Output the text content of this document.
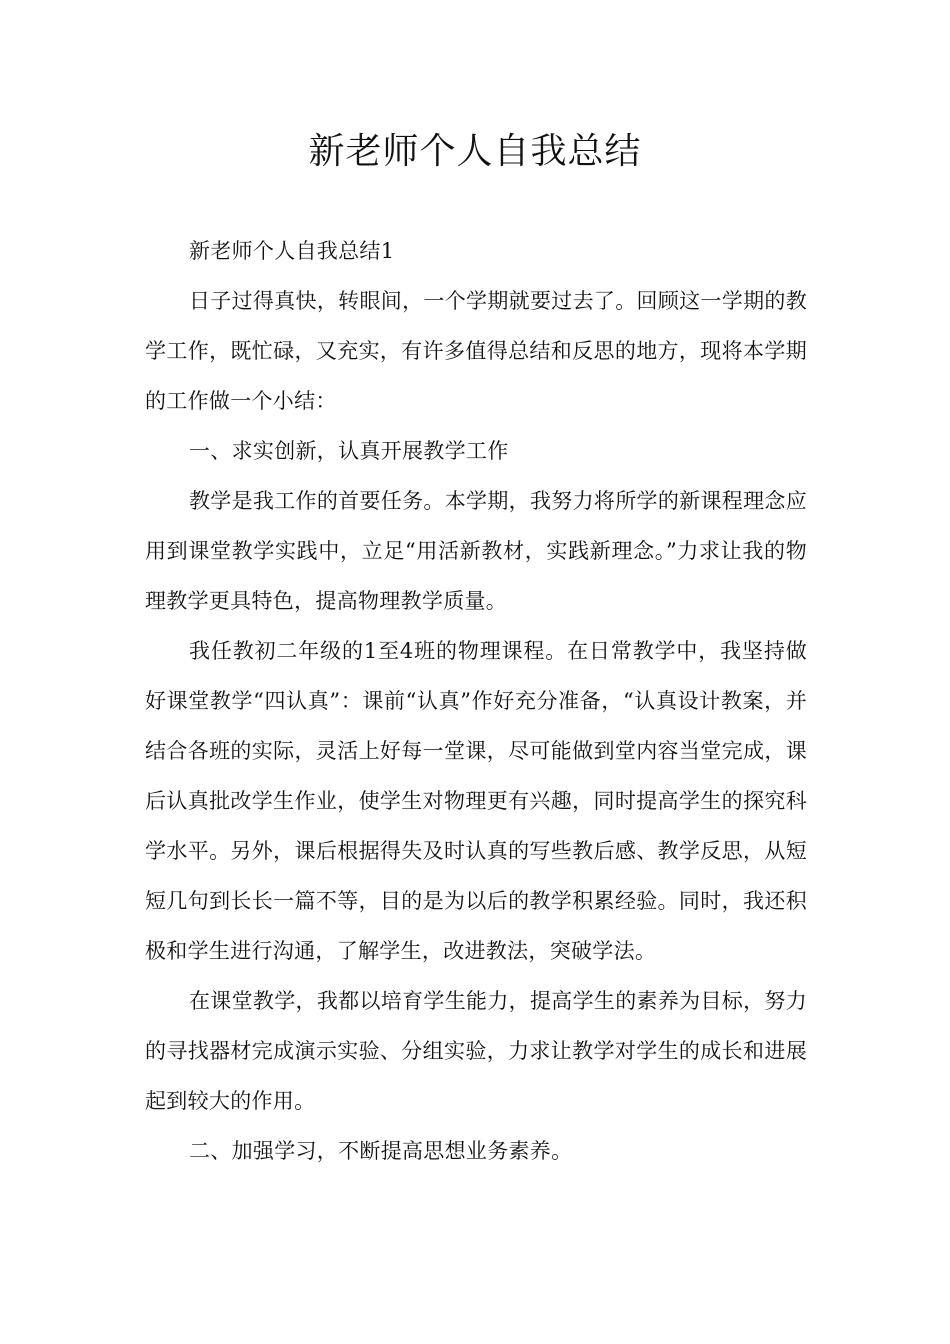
新老师个人自我总结

新老师个人自我总结1

日子过得真快，转眼间，一个学期就要过去了。回顾这一学期的教学工作，既忙碌，又充实，有许多值得总结和反思的地方，现将本学期的工作做一个小结：

一、求实创新，认真开展教学工作

教学是我工作的首要任务。本学期，我努力将所学的新课程理念应用到课堂教学实践中，立足“用活新教材，实践新理念。”力求让我的物理教学更具特色，提高物理教学质量。

我任教初二年级的1至4班的物理课程。在日常教学中，我坚持做好课堂教学“四认真”：课前“认真”作好充分准备，“认真设计教案，并结合各班的实际，灵活上好每一堂课，尽可能做到堂内容当堂完成，课后认真批改学生作业，使学生对物理更有兴趣，同时提高学生的探究科学水平。另外，课后根据得失及时认真的写些教后感、教学反思，从短短几句到长长一篇不等，目的是为以后的教学积累经验。同时，我还积极和学生进行沟通，了解学生，改进教法，突破学法。

在课堂教学，我都以培育学生能力，提高学生的素养为目标，努力的寻找器材完成演示实验、分组实验，力求让教学对学生的成长和进展起到较大的作用。

二、加强学习，不断提高思想业务素养。
